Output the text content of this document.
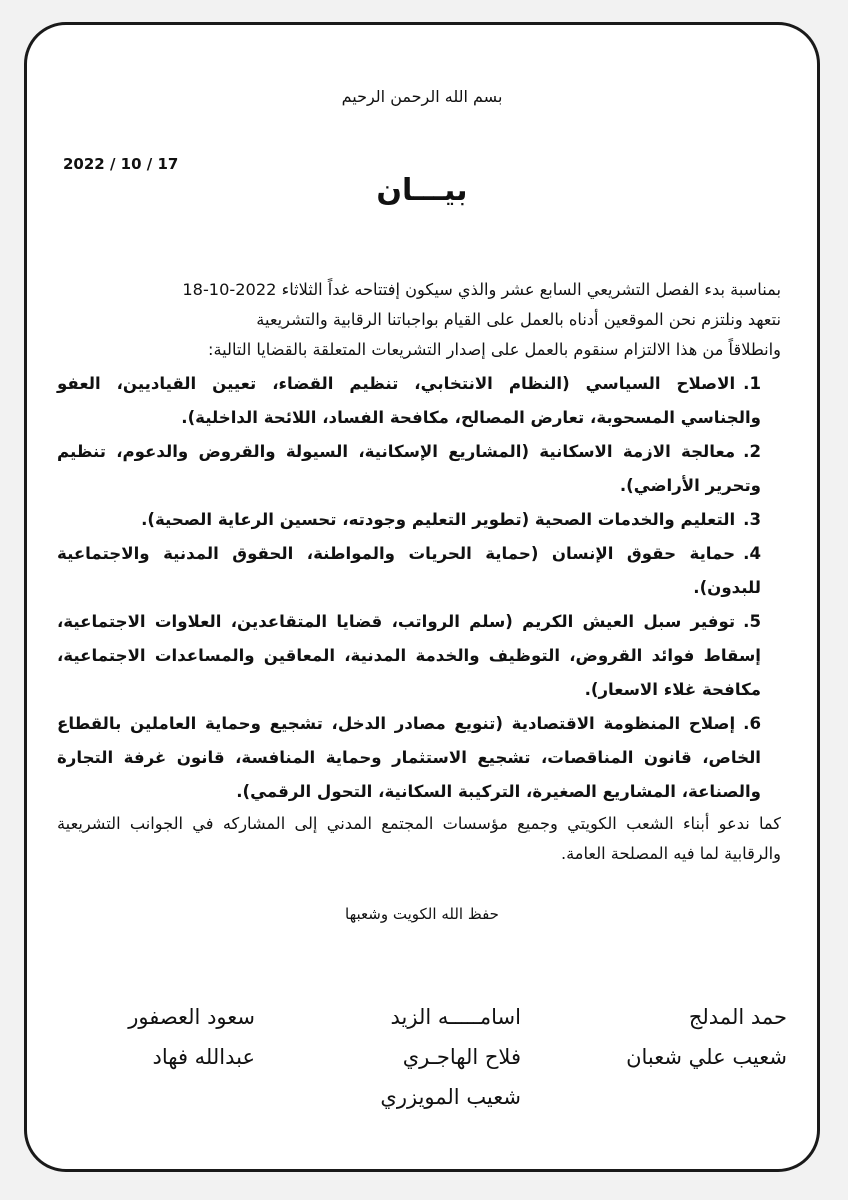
بسم الله الرحمن الرحيم
2022 / 10 / 17
بيـــان

بمناسبة بدء الفصل التشريعي السابع عشر والذي سيكون إفتتاحه غداً الثلاثاء 2022-10-18

نتعهد ونلتزم نحن الموقعين أدناه بالعمل على القيام بواجباتنا الرقابية والتشريعية

وانطلاقاً من هذا الالتزام سنقوم بالعمل على إصدار التشريعات المتعلقة بالقضايا التالية:

1.الاصلاح السياسي (النظام الانتخابي، تنظيم القضاء، تعيين القياديين، العفو والجناسي المسحوبة، تعارض المصالح، مكافحة الفساد، اللائحة الداخلية).
2.معالجة الازمة الاسكانية (المشاريع الإسكانية، السيولة والقروض والدعوم، تنظيم وتحرير الأراضي).
3.التعليم والخدمات الصحية (تطوير التعليم وجودته، تحسين الرعاية الصحية).
4.حماية حقوق الإنسان (حماية الحريات والمواطنة، الحقوق المدنية والاجتماعية للبدون).
5.توفير سبل العيش الكريم (سلم الرواتب، قضايا المتقاعدين، العلاوات الاجتماعية، إسقاط فوائد القروض، التوظيف والخدمة المدنية، المعاقين والمساعدات الاجتماعية، مكافحة غلاء الاسعار).
6.إصلاح المنظومة الاقتصادية (تنويع مصادر الدخل، تشجيع وحماية العاملين بالقطاع الخاص، قانون المناقصات، تشجيع الاستثمار وحماية المنافسة، قانون غرفة التجارة والصناعة، المشاريع الصغيرة، التركيبة السكانية، التحول الرقمي).

كما ندعو أبناء الشعب الكويتي وجميع مؤسسات المجتمع المدني إلى المشاركه في الجوانب التشريعية والرقابية لما فيه المصلحة العامة.

حفظ الله الكويت وشعبها
حمد المدلج
شعيب علي شعبان
اسامـــــه الزيد
فلاح الهاجـري
شعيب المويزري
سعود العصفور
عبدالله فهاد
